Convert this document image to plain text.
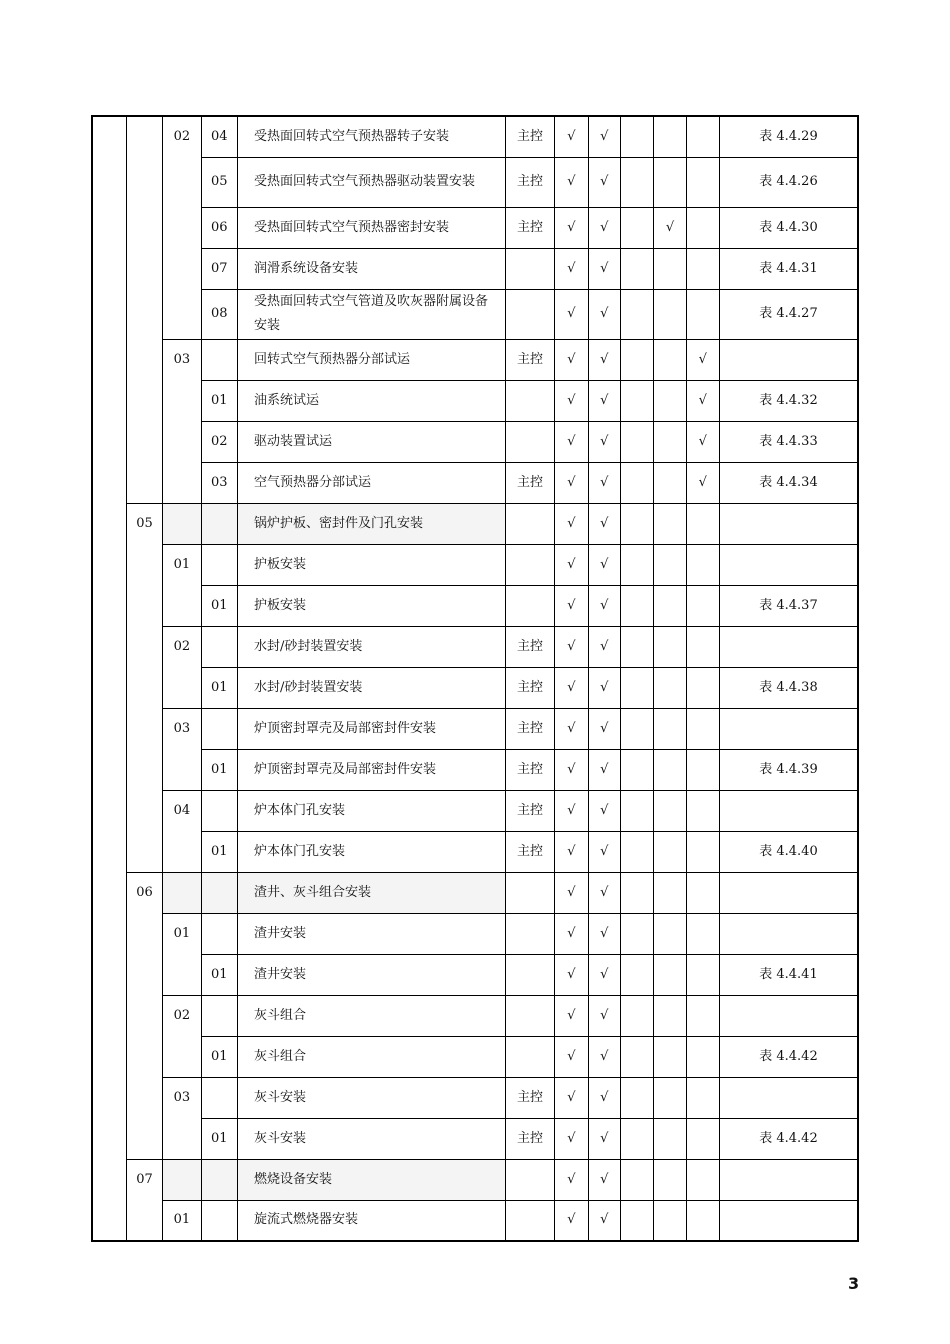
		02	04	受热面回转式空气预热器转子安装	主控	√	√				表 4.4.29
			05	受热面回转式空气预热器驱动装置安装	主控	√	√				表 4.4.26
			06	受热面回转式空气预热器密封安装	主控	√	√		√		表 4.4.30
			07	润滑系统设备安装		√	√				表 4.4.31
			08	受热面回转式空气管道及吹灰器附属设备安装		√	√				表 4.4.27
		03		回转式空气预热器分部试运	主控	√	√			√	
			01	油系统试运		√	√			√	表 4.4.32
			02	驱动装置试运		√	√			√	表 4.4.33
			03	空气预热器分部试运	主控	√	√			√	表 4.4.34
	05			锅炉护板、密封件及门孔安装		√	√				
		01		护板安装		√	√				
			01	护板安装		√	√				表 4.4.37
		02		水封/砂封装置安装	主控	√	√				
			01	水封/砂封装置安装	主控	√	√				表 4.4.38
		03		炉顶密封罩壳及局部密封件安装	主控	√	√				
			01	炉顶密封罩壳及局部密封件安装	主控	√	√				表 4.4.39
		04		炉本体门孔安装	主控	√	√				
			01	炉本体门孔安装	主控	√	√				表 4.4.40
	06			渣井、灰斗组合安装		√	√				
		01		渣井安装		√	√				
			01	渣井安装		√	√				表 4.4.41
		02		灰斗组合		√	√				
			01	灰斗组合		√	√				表 4.4.42
		03		灰斗安装	主控	√	√				
			01	灰斗安装	主控	√	√				表 4.4.42
	07			燃烧设备安装		√	√				
		01		旋流式燃烧器安装		√	√				
3
